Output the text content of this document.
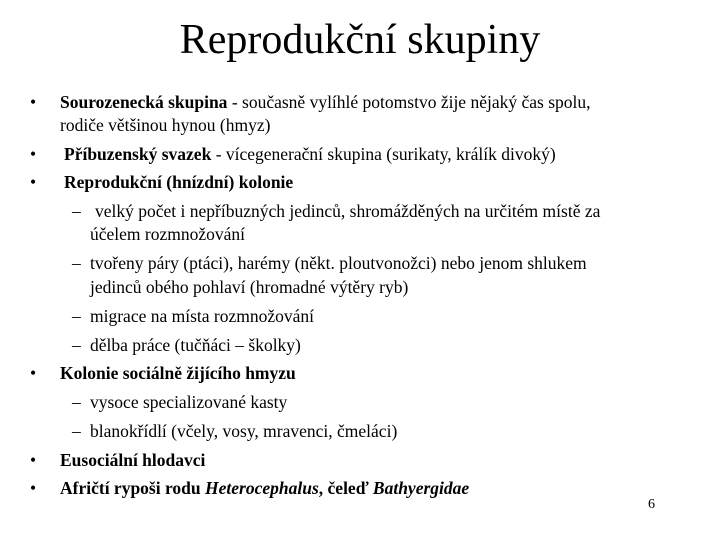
Reprodukční skupiny
• Sourozenecká skupina - současně vylíhlé potomstvo žije nějaký čas spolu,
rodiče většinou hynou (hmyz)
• Příbuzenský svazek - vícegenerační skupina (surikaty, králík divoký)
• Reprodukční (hnízdní) kolonie
– velký počet i nepříbuzných jedinců, shromážděných na určitém místě za
účelem rozmnožování
– tvořeny páry (ptáci), harémy (někt. ploutvonožci) nebo jenom shlukem
jedinců obého pohlaví (hromadné výtěry ryb)
– migrace na místa rozmnožování
– dělba práce (tučňáci – školky)
• Kolonie sociálně žijícího hmyzu
– vysoce specializované kasty
– blanokřídlí (včely, vosy, mravenci, čmeláci)
• Eusociální hlodavci
• Afričtí rypoši rodu Heterocephalus, čeleď Bathyergidae
6
